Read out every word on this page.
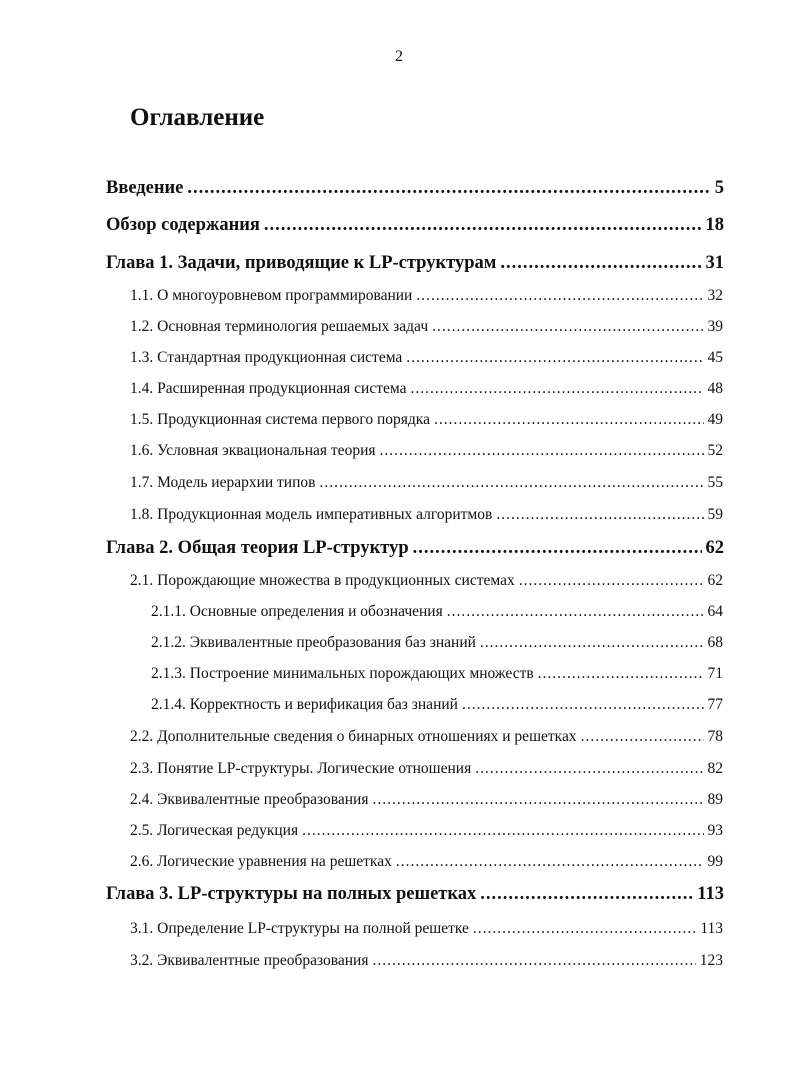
2
Оглавление
Введение .....	5
Обзор содержания .....	18
Глава 1. Задачи, приводящие к LP-структурам .....	31
1.1. О многоуровневом программировании .....	32
1.2. Основная терминология решаемых задач .....	39
1.3. Стандартная продукционная система .....	45
1.4. Расширенная продукционная система .....	48
1.5. Продукционная система первого порядка .....	49
1.6. Условная эквациональная теория .....	52
1.7. Модель иерархии типов .....	55
1.8. Продукционная модель императивных алгоритмов .....	59
Глава 2. Общая теория LP-структур .....	62
2.1. Порождающие множества в продукционных системах .....	62
2.1.1. Основные определения и обозначения .....	64
2.1.2. Эквивалентные преобразования баз знаний .....	68
2.1.3. Построение минимальных порождающих множеств .....	71
2.1.4. Корректность и верификация баз знаний .....	77
2.2. Дополнительные сведения о бинарных отношениях и решетках .....	78
2.3. Понятие LP-структуры. Логические отношения .....	82
2.4. Эквивалентные преобразования .....	89
2.5. Логическая редукция .....	93
2.6. Логические уравнения на решетках .....	99
Глава 3. LP-структуры на полных решетках .....	113
3.1. Определение LP-структуры на полной решетке .....	113
3.2. Эквивалентные преобразования .....	123
